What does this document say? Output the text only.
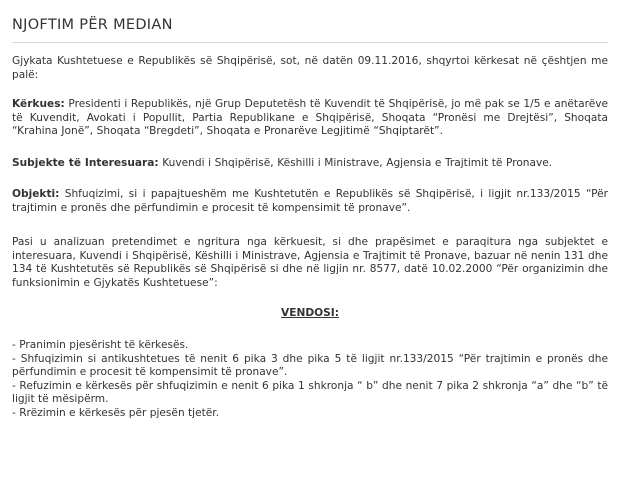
NJOFTIM PËR MEDIAN

Gjykata Kushtetuese e Republikës së Shqipërisë, sot, në datën 09.11.2016, shqyrtoi kërkesat në çështjen me palë:

Kërkues: Presidenti i Republikës, një Grup Deputetësh të Kuvendit të Shqipërisë, jo më pak se 1/5 e anëtarëve të Kuvendit, Avokati i Popullit, Partia Republikane e Shqipërisë, Shoqata “Pronësi me Drejtësi”, Shoqata “Krahina Jonë”, Shoqata “Bregdeti”, Shoqata e Pronarëve Legjitimë “Shqiptarët”.

Subjekte të Interesuara: Kuvendi i Shqipërisë, Këshilli i Ministrave, Agjensia e Trajtimit të Pronave.

Objekti: Shfuqizimi, si i papajtueshëm me Kushtetutën e Republikës së Shqipërisë, i ligjit nr.133/2015 “Për trajtimin e pronës dhe përfundimin e procesit të kompensimit të pronave”.

Pasi u analizuan pretendimet e ngritura nga kërkuesit, si dhe prapësimet e paraqitura nga subjektet e interesuara, Kuvendi i Shqipërisë, Këshilli i Ministrave, Agjensia e Trajtimit të Pronave, bazuar në nenin 131 dhe 134 të Kushtetutës së Republikës së Shqipërisë si dhe në ligjin nr. 8577, datë 10.02.2000 “Për organizimin dhe funksionimin e Gjykatës Kushtetuese”:

VENDOSI:
- Pranimin pjesërisht të kërkesës.
- Shfuqizimin si antikushtetues të nenit 6 pika 3 dhe pika 5 të ligjit nr.133/2015 “Për trajtimin e pronës dhe përfundimin e procesit të kompensimit të pronave”.
- Refuzimin e kërkesës për shfuqizimin e nenit 6 pika 1 shkronja “ b” dhe nenit 7 pika 2 shkronja “a” dhe “b” të ligjit të mësipërm.
- Rrëzimin e kërkesës për pjesën tjetër.
